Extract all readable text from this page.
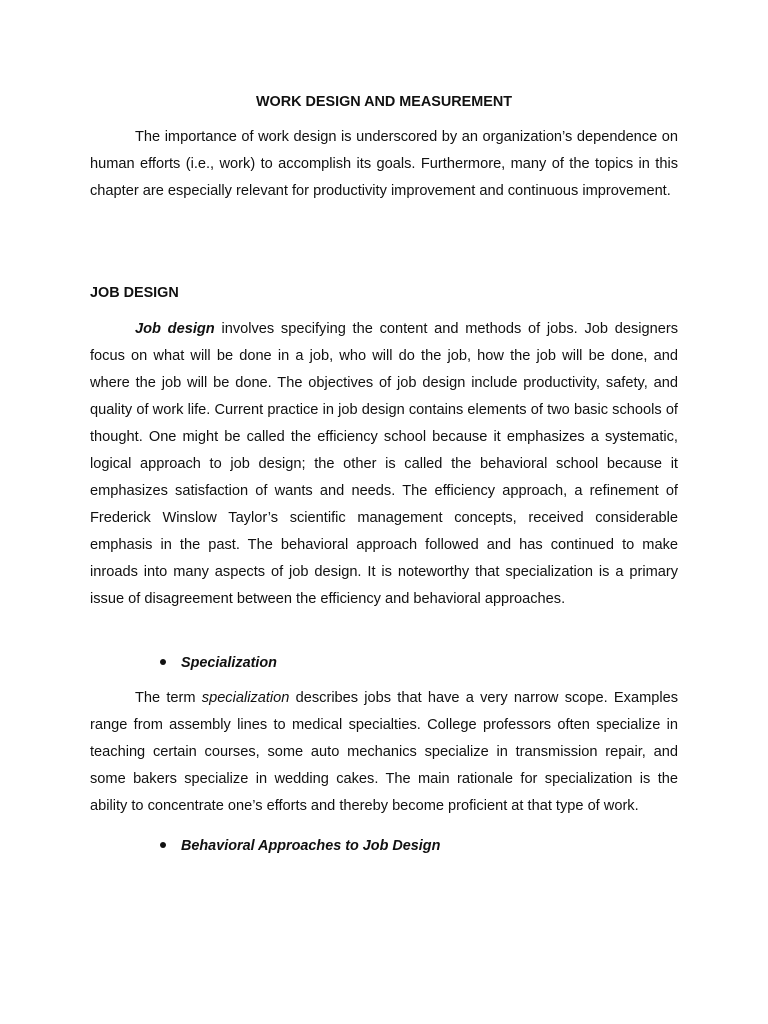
WORK DESIGN AND MEASUREMENT

The importance of work design is underscored by an organization’s dependence on human efforts (i.e., work) to accomplish its goals. Furthermore, many of the topics in this chapter are especially relevant for productivity improvement and continuous improvement.

JOB DESIGN

Job design involves specifying the content and methods of jobs. Job designers focus on what will be done in a job, who will do the job, how the job will be done, and where the job will be done. The objectives of job design include productivity, safety, and quality of work life. Current practice in job design contains elements of two basic schools of thought. One might be called the efficiency school because it emphasizes a systematic, logical approach to job design; the other is called the behavioral school because it emphasizes satisfaction of wants and needs. The efficiency approach, a refinement of Frederick Winslow Taylor’s scientific management concepts, received considerable emphasis in the past. The behavioral approach followed and has continued to make inroads into many aspects of job design. It is noteworthy that specialization is a primary issue of disagreement between the efficiency and behavioral approaches.

Specialization

The term specialization describes jobs that have a very narrow scope. Examples range from assembly lines to medical specialties. College professors often specialize in teaching certain courses, some auto mechanics specialize in transmission repair, and some bakers specialize in wedding cakes. The main rationale for specialization is the ability to concentrate one’s efforts and thereby become proficient at that type of work.

Behavioral Approaches to Job Design
